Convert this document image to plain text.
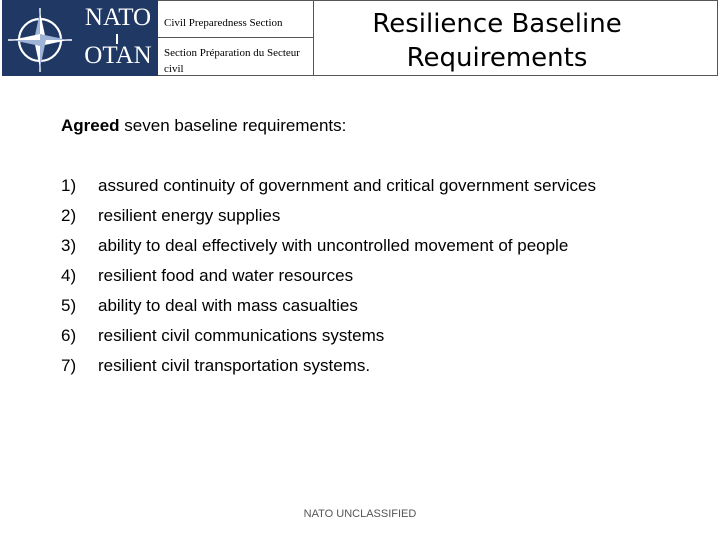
NATO
OTAN
Civil Preparedness Section
Section Préparation du Secteur civil
Resilience Baseline Requirements
Agreed seven baseline requirements:
1) assured continuity of government and critical government services
2) resilient energy supplies
3) ability to deal effectively with uncontrolled movement of people
4) resilient food and water resources
5) ability to deal with mass casualties
6) resilient civil communications systems
7) resilient civil transportation systems.
NATO UNCLASSIFIED
